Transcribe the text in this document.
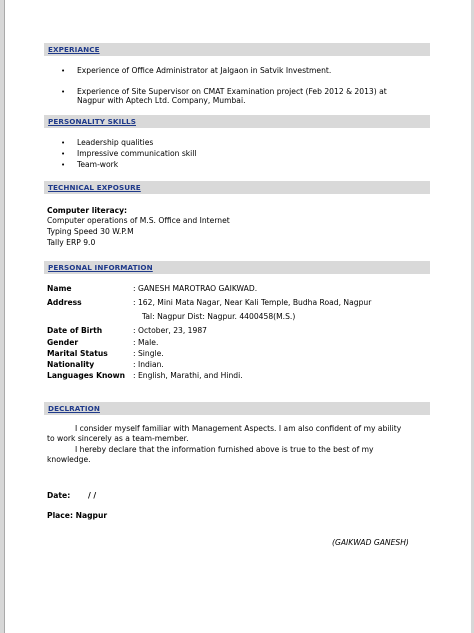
EXPERIANCE
• Experience of Office Administrator at Jalgaon in Satvik Investment.
• Experience of Site Supervisor on CMAT Examination project (Feb 2012 & 2013) at
Nagpur with Aptech Ltd. Company, Mumbai.
PERSONALITY SKILLS
• Leadership qualities
• Impressive communication skill
• Team-work
TECHNICAL EXPOSURE
Computer literacy:
Computer operations of M.S. Office and Internet
Typing Speed 30 W.P.M
Tally ERP 9.0
PERSONAL INFORMATION
Name	: GANESH MAROTRAO GAIKWAD.
Address	: 162, Mini Mata Nagar, Near Kali Temple, Budha Road, Nagpur
Tal: Nagpur Dist: Nagpur. 4400458(M.S.)
Date of Birth	: October, 23, 1987
Gender	: Male.
Marital Status	: Single.
Nationality	: Indian.
Languages Known : English, Marathi, and Hindi.
DECLRATION
I consider myself familiar with Management Aspects. I am also confident of my ability
to work sincerely as a team-member.
I hereby declare that the information furnished above is true to the best of my
knowledge.
Date: / /
Place: Nagpur
(GAIKWAD GANESH)
